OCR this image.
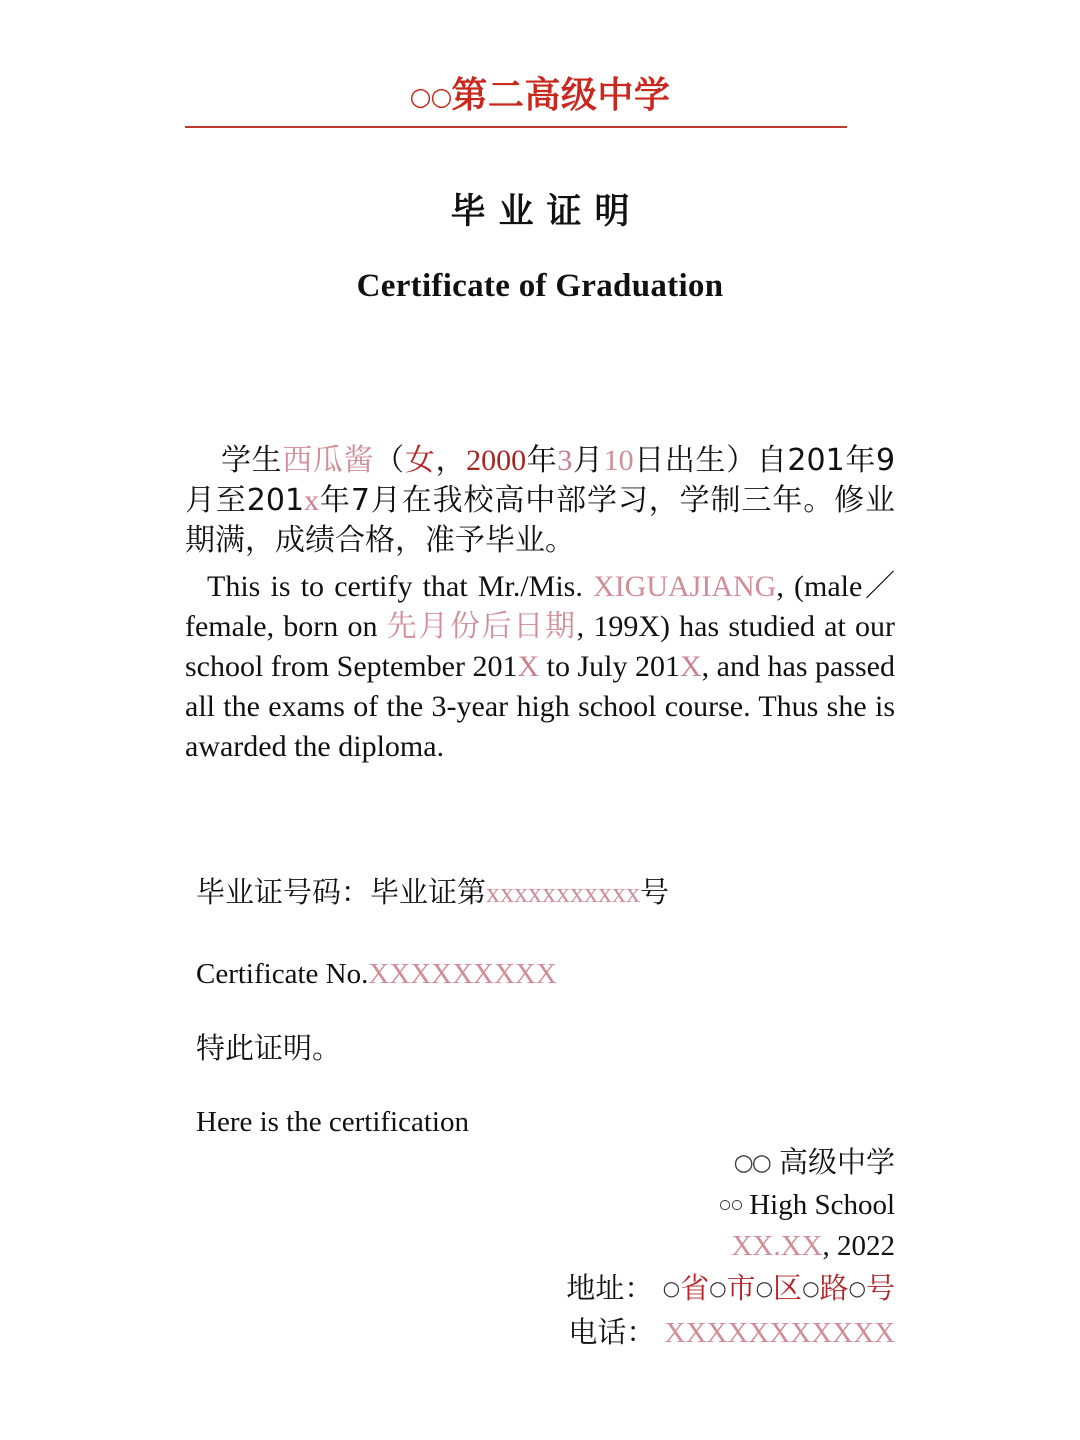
○○第二高级中学
毕业证明
Certificate of Graduation

学生西瓜酱（女，2000年3月10日出生）自201年9月至201x年7月在我校高中部学习，学制三年。修业期满，成绩合格，准予毕业。

This is to certify that Mr./Mis. XIGUAJIANG, (male／female, born on 先月份后日期, 199X) has studied at our school from September 201X to July 201X, and has passed all the exams of the 3-year high school course. Thus she is awarded the diploma.

毕业证号码：毕业证第xxxxxxxxxxx号
Certificate No.XXXXXXXXX
特此证明。
Here is the certification
○○ 高级中学
○○ High School
XX.XX, 2022
地址： ○省○市○区○路○号
电话： XXXXXXXXXXX
